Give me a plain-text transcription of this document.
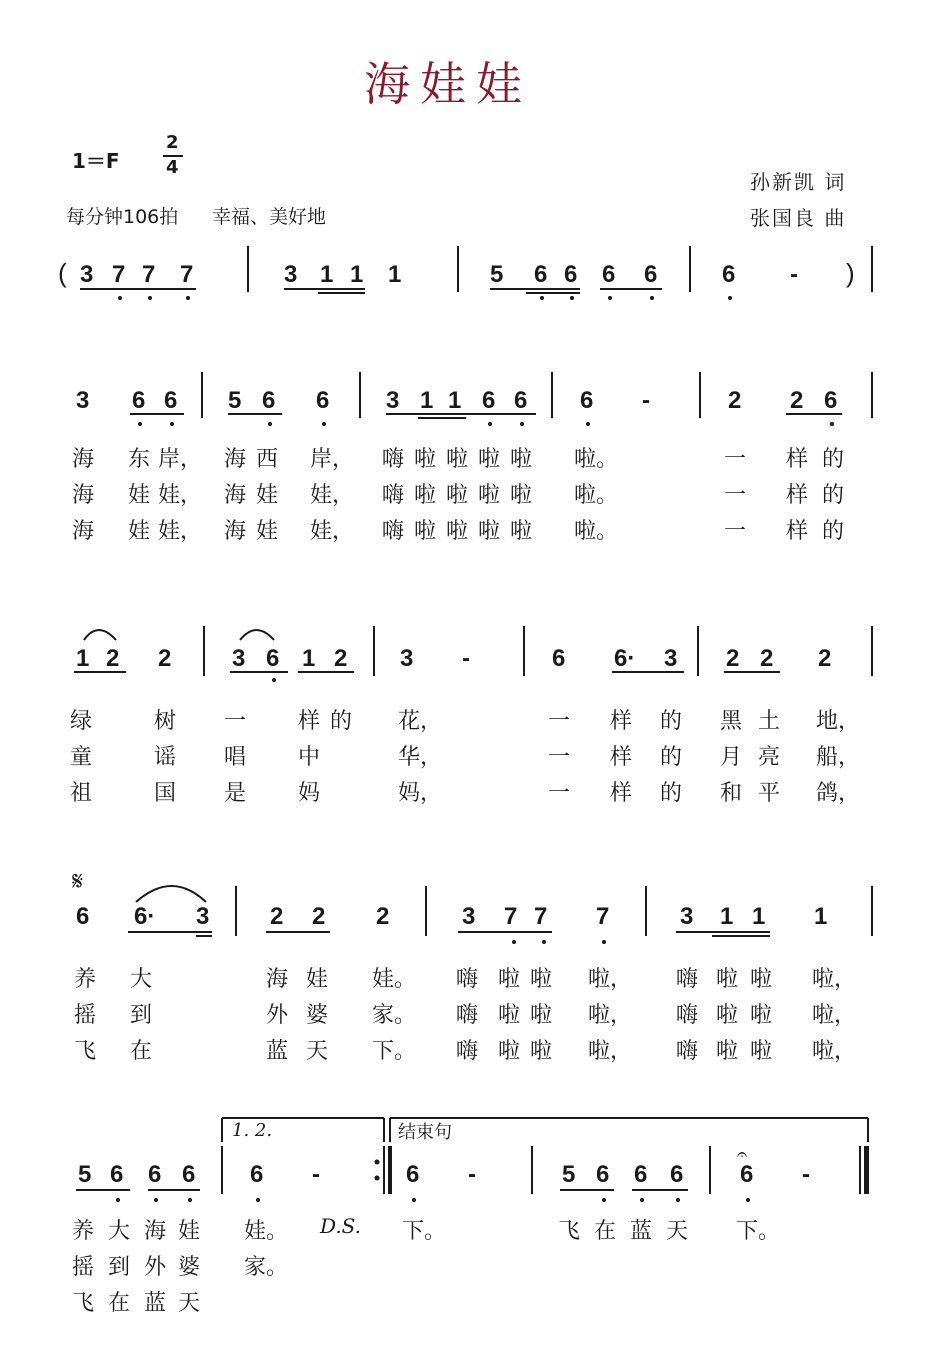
海娃娃
1＝F
2
4
每分钟106拍 幸福、美好地
孙新凯 词
张国良 曲
( 3 7 7 7	3 1 1 1	5 6 6 6 6	6 - )
3 6 6 5 6 6 3 1 1 6 6 6 -	2 2 6
1 2 2	3 6 1 2 3 -	6 6· 3 2 2 2
𝄋
6 6· 3	2 2 2	3 7 7 7	3 1 1 1
5 6 6 6 6 -	6 -	5 6 6 6 6 -
𝄐
1. 2.	结束句
海 东 岸， 海 西 岸， 嗨 啦 啦 啦 啦 啦。	一 样 的
海 娃 娃， 海 娃 娃， 嗨 啦 啦 啦 啦 啦。	一 样 的
海 娃 娃， 海 娃 娃， 嗨 啦 啦 啦 啦 啦。	一 样 的
绿	树 一 样 的 花，	一 样 的 黑 土 地，
童	谣 唱 中	华，	一 样 的 月 亮 船，
祖	国 是 妈	妈，	一 样 的 和 平 鸽，
养 大	海 娃 娃。 嗨 啦 啦 啦， 嗨 啦 啦 啦，
摇 到	外 婆 家。 嗨 啦 啦 啦， 嗨 啦 啦 啦，
飞 在	蓝 天 下。 嗨 啦 啦 啦， 嗨 啦 啦 啦，
养 大 海 娃 娃。 D.S. 下。	飞 在 蓝 天 下。
摇 到 外 婆 家。
飞 在 蓝 天
